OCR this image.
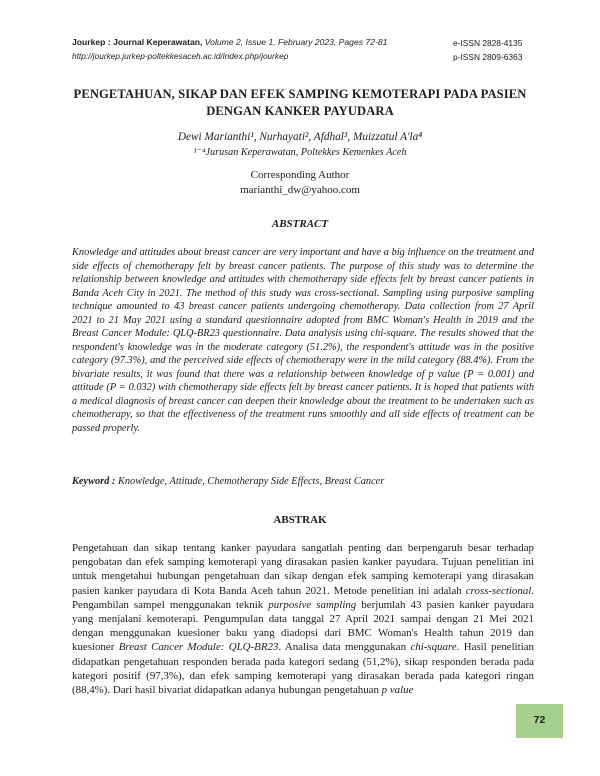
Jourkep : Journal Keperawatan, Volume 2, Issue 1, February 2023, Pages 72-81
http://jourkep.jurkep-poltekkesaceh.ac.id/index.php/jourkep
e-ISSN 2828-4135
p-ISSN 2809-6363
PENGETAHUAN, SIKAP DAN EFEK SAMPING KEMOTERAPI PADA PASIEN
DENGAN KANKER PAYUDARA
Dewi Marianthi¹, Nurhayati², Afdhal³, Muizzatul A'la⁴
¹⁻⁴Jurusan Keperawatan, Poltekkes Kemenkes Aceh
Corresponding Author
marianthi_dw@yahoo.com
ABSTRACT

Knowledge and attitudes about breast cancer are very important and have a big influence on the treatment and side effects of chemotherapy felt by breast cancer patients. The purpose of this study was to determine the relationship between knowledge and attitudes with chemotherapy side effects felt by breast cancer patients in Banda Aceh City in 2021. The method of this study was cross-sectional. Sampling using purposive sampling technique amounted to 43 breast cancer patients undergoing chemotherapy. Data collection from 27 April 2021 to 21 May 2021 using a standard questionnaire adopted from BMC Woman's Health in 2019 and the Breast Cancer Module: QLQ-BR23 questionnaire. Data analysis using chi-square. The results showed that the respondent's knowledge was in the moderate category (51.2%), the respondent's attitude was in the positive category (97.3%), and the perceived side effects of chemotherapy were in the mild category (88.4%). From the bivariate results, it was found that there was a relationship between knowledge of p value (P = 0.001) and attitude (P = 0.032) with chemotherapy side effects felt by breast cancer patients. It is hoped that patients with a medical diagnosis of breast cancer can deepen their knowledge about the treatment to be undertaken such as chemotherapy, so that the effectiveness of the treatment runs smoothly and all side effects of treatment can be passed properly.

Keyword : Knowledge, Attitude, Chemotherapy Side Effects, Breast Cancer
ABSTRAK

Pengetahuan dan sikap tentang kanker payudara sangatlah penting dan berpengaruh besar terhadap pengobatan dan efek samping kemoterapi yang dirasakan pasien kanker payudara. Tujuan penelitian ini untuk mengetahui hubungan pengetahuan dan sikap dengan efek samping kemoterapi yang dirasakan pasien kanker payudara di Kota Banda Aceh tahun 2021. Metode penelitian ini adalah cross-sectional. Pengambilan sampel menggunakan teknik purposive sampling berjumlah 43 pasien kanker payudara yang menjalani kemoterapi. Pengumpulan data tanggal 27 April 2021 sampai dengan 21 Mei 2021 dengan menggunakan kuesioner baku yang diadopsi dari BMC Woman's Health tahun 2019 dan kuesioner Breast Cancer Module: QLQ-BR23. Analisa data menggunakan chi-square. Hasil penelitian didapatkan pengetahuan responden berada pada kategori sedang (51,2%), sikap responden berada pada kategori positif (97,3%), dan efek samping kemoterapi yang dirasakan berada pada kategori ringan (88,4%). Dari hasil bivariat didapatkan adanya hubungan pengetahuan p value

72
